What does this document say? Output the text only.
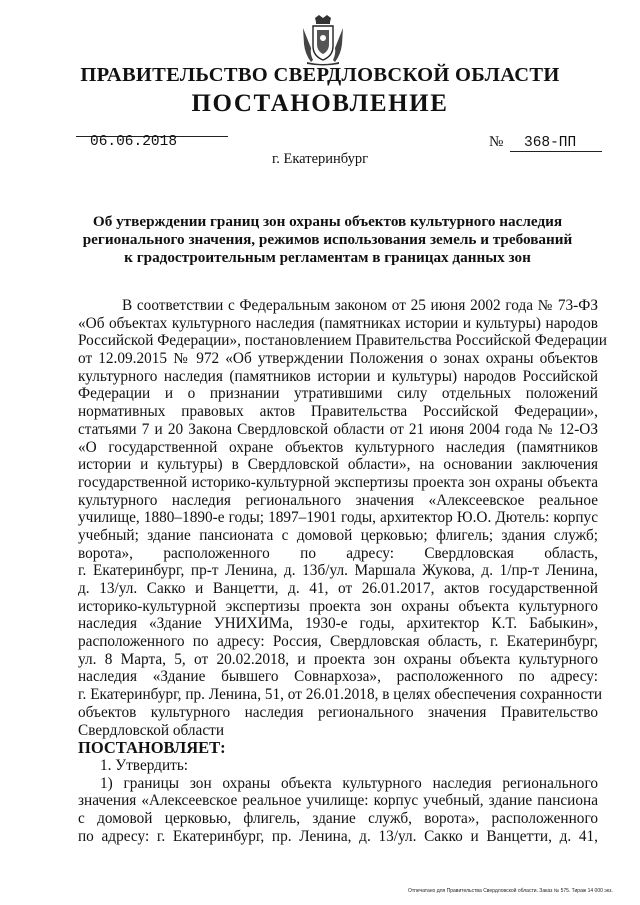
ПРАВИТЕЛЬСТВО СВЕРДЛОВСКОЙ ОБЛАСТИ
ПОСТАНОВЛЕНИЕ
06.06.2018	№ 368-ПП
г. Екатеринбург
Об утверждении границ зон охраны объектов культурного наследия
регионального значения, режимов использования земель и требований
к градостроительным регламентам в границах данных зон
В соответствии с Федеральным законом от 25 июня 2002 года № 73-ФЗ
«Об объектах культурного наследия (памятниках истории и культуры) народов
Российской Федерации», постановлением Правительства Российской Федерации
от 12.09.2015 № 972 «Об утверждении Положения о зонах охраны объектов
культурного наследия (памятников истории и культуры) народов Российской
Федерации и о признании утратившими силу отдельных положений
нормативных правовых актов Правительства Российской Федерации»,
статьями 7 и 20 Закона Свердловской области от 21 июня 2004 года № 12-ОЗ
«О государственной охране объектов культурного наследия (памятников
истории и культуры) в Свердловской области», на основании заключения
государственной историко-культурной экспертизы проекта зон охраны объекта
культурного наследия регионального значения «Алексеевское реальное
училище, 1880–1890-е годы; 1897–1901 годы, архитектор Ю.О. Дютель: корпус
учебный; здание пансионата с домовой церковью; флигель; здания служб;
ворота», расположенного по адресу: Свердловская область,
г. Екатеринбург, пр-т Ленина, д. 13б/ул. Маршала Жукова, д. 1/пр-т Ленина,
д. 13/ул. Сакко и Ванцетти, д. 41, от 26.01.2017, актов государственной
историко-культурной экспертизы проекта зон охраны объекта культурного
наследия «Здание УНИХИМа, 1930-е годы, архитектор К.Т. Бабыкин»,
расположенного по адресу: Россия, Свердловская область, г. Екатеринбург,
ул. 8 Марта, 5, от 20.02.2018, и проекта зон охраны объекта культурного
наследия «Здание бывшего Совнархоза», расположенного по адресу:
г. Екатеринбург, пр. Ленина, 51, от 26.01.2018, в целях обеспечения сохранности
объектов культурного наследия регионального значения Правительство
Свердловской области
ПОСТАНОВЛЯЕТ:
1. Утвердить:
1) границы зон охраны объекта культурного наследия регионального
значения «Алексеевское реальное училище: корпус учебный, здание пансиона
с домовой церковью, флигель, здание служб, ворота», расположенного
по адресу: г. Екатеринбург, пр. Ленина, д. 13/ул. Сакко и Ванцетти, д. 41,
Отпечатано для Правительства Свердловской области. Заказ № 575. Тираж 14 000 экз.
